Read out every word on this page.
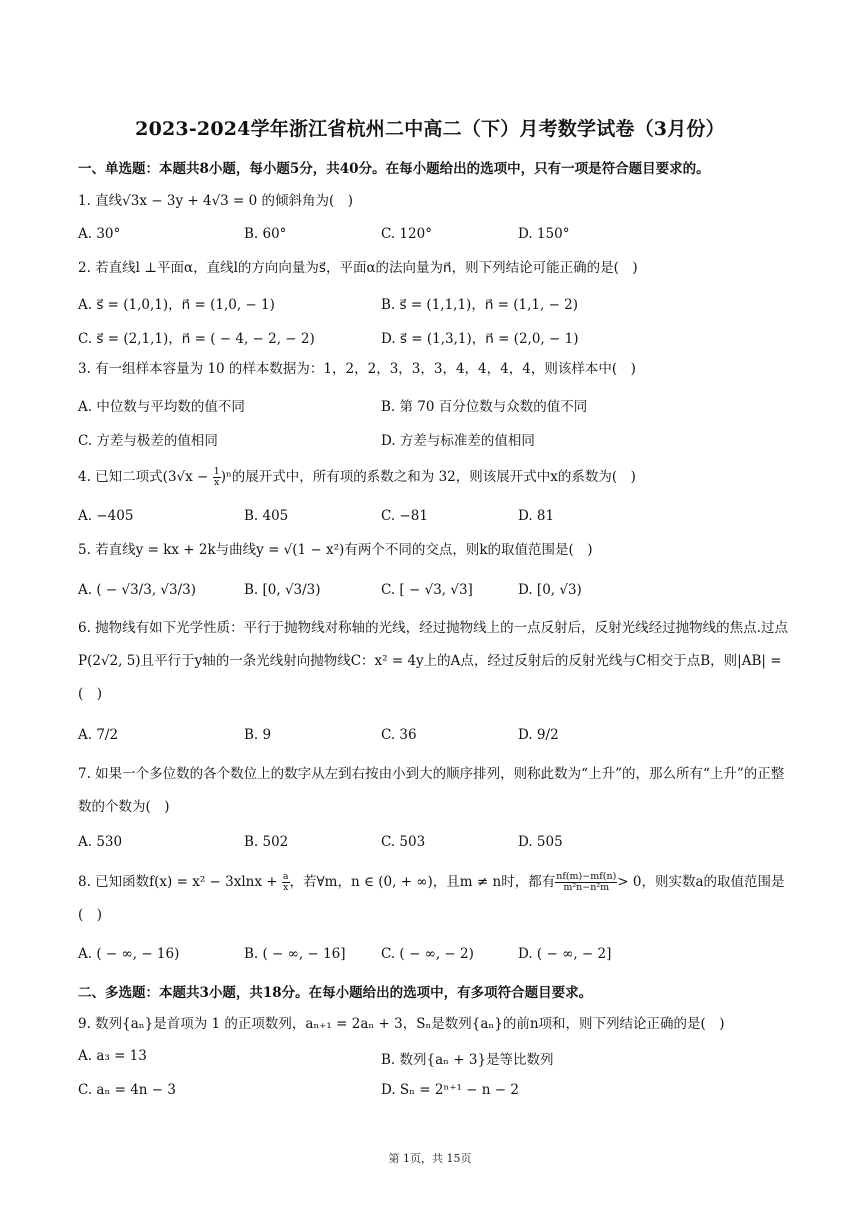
2023-2024学年浙江省杭州二中高二（下）月考数学试卷（3月份）
一、单选题：本题共8小题，每小题5分，共40分。在每小题给出的选项中，只有一项是符合题目要求的。
1. 直线√3x − 3y + 4√3 = 0 的倾斜角为(　)
A. 30°	B. 60°	C. 120°	D. 150°
2. 若直线l ⊥平面α，直线l的方向向量为s⃗，平面α的法向量为n⃗，则下列结论可能正确的是(　)
A. s⃗ = (1,0,1)，n⃗ = (1,0, − 1)	B. s⃗ = (1,1,1)，n⃗ = (1,1, − 2)
C. s⃗ = (2,1,1)，n⃗ = ( − 4, − 2, − 2)	D. s⃗ = (1,3,1)，n⃗ = (2,0, − 1)
3. 有一组样本容量为 10 的样本数据为：1，2，2，3，3，3，4，4，4，4，则该样本中(　)
A. 中位数与平均数的值不同	B. 第 70 百分位数与众数的值不同
C. 方差与极差的值相同	D. 方差与标准差的值相同
4. 已知二项式$(3√x - \frac{1}{x} )^n$的展开式中，所有项的系数之和为 32，则该展开式中x的系数为(　)
A. −405	B. 405	C. −81	D. 81
5. 若直线y = kx + 2k与曲线y = √(1 − x²)有两个不同的交点，则k的取值范围是(　)
A. ( − √3/3, √3/3)	B. [0, √3/3)	C. [ − √3, √3]	D. [0, √3)
6. 抛物线有如下光学性质：平行于抛物线对称轴的光线，经过抛物线上的一点反射后，反射光线经过抛物线的焦点.过点P(2√2, 5)且平行于y轴的一条光线射向抛物线C：x² = 4y上的A点，经过反射后的反射光线与C相交于点B，则|AB| =(　)
A. 7/2	B. 9	C. 36	D. 9/2
7. 如果一个多位数的各个数位上的数字从左到右按由小到大的顺序排列，则称此数为“上升”的，那么所有“上升”的正整数的个数为(　)
A. 530	B. 502	C. 503	D. 505
8. 已知函数$f(x) = x^2 - 3xlnx + \frac{a}{x}$ ，若∀m，n ∈ (0, + ∞)，且m ≠ n时，都有 $\frac{nf(m)-mf(n)}{\text{m²n−n²m}} > 0$，则实数a的取值范围是(　)
A. ( − ∞, − 16)	B. ( − ∞, − 16]	C. ( − ∞, − 2)	D. ( − ∞, − 2]
二、多选题：本题共3小题，共18分。在每小题给出的选项中，有多项符合题目要求。
9. 数列{aₙ}是首项为 1 的正项数列，aₙ₊₁ = 2aₙ + 3，Sₙ是数列{aₙ}的前n项和，则下列结论正确的是(　)
A. a₃ = 13	B. 数列{aₙ + 3}是等比数列
C. aₙ = 4n − 3	D. Sₙ = 2ⁿ⁺¹ − n − 2
第 1页，共 15页
